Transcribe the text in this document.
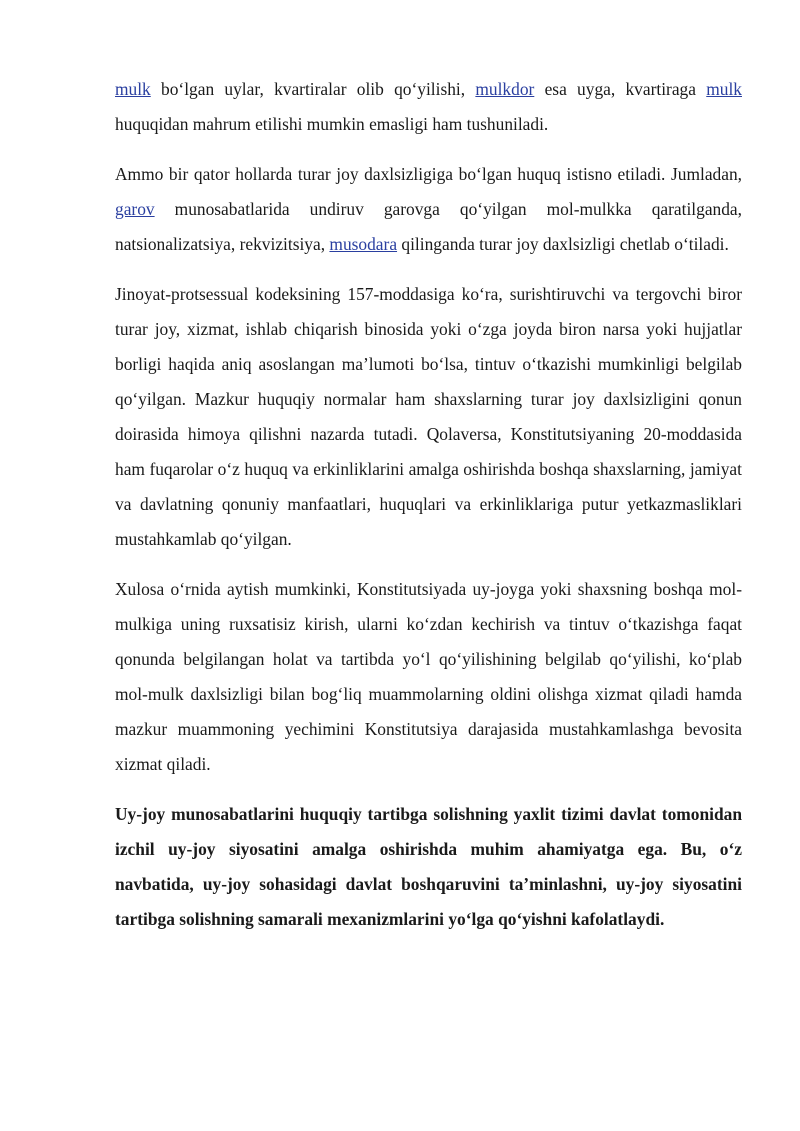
mulk bo‘lgan uylar, kvartiralar olib qo‘yilishi, mulkdor esa uyga, kvartiraga mulk huquqidan mahrum etilishi mumkin emasligi ham tushuniladi.

Ammo bir qator hollarda turar joy daxlsizligiga bo‘lgan huquq istisno etiladi. Jumladan, garov munosabatlarida undiruv garovga qo‘yilgan mol-mulkka qaratilganda, natsionalizatsiya, rekvizitsiya, musodara qilinganda turar joy daxlsizligi chetlab o‘tiladi.

Jinoyat-protsessual kodeksining 157-moddasiga ko‘ra, surishtiruvchi va tergovchi biror turar joy, xizmat, ishlab chiqarish binosida yoki o‘zga joyda biron narsa yoki hujjatlar borligi haqida aniq asoslangan ma’lumoti bo‘lsa, tintuv o‘tkazishi mumkinligi belgilab qo‘yilgan. Mazkur huquqiy normalar ham shaxslarning turar joy daxlsizligini qonun doirasida himoya qilishni nazarda tutadi. Qolaversa, Konstitutsiyaning 20-moddasida ham fuqarolar o‘z huquq va erkinliklarini amalga oshirishda boshqa shaxslarning, jamiyat va davlatning qonuniy manfaatlari, huquqlari va erkinliklariga putur yetkazmasliklari mustahkamlab qo‘yilgan.

Xulosa o‘rnida aytish mumkinki, Konstitutsiyada uy-joyga yoki shaxsning boshqa mol-mulkiga uning ruxsatisiz kirish, ularni ko‘zdan kechirish va tintuv o‘tkazishga faqat qonunda belgilangan holat va tartibda yo‘l qo‘yilishining belgilab qo‘yilishi, ko‘plab mol-mulk daxlsizligi bilan bog‘liq muammolarning oldini olishga xizmat qiladi hamda mazkur muammoning yechimini Konstitutsiya darajasida mustahkamlashga bevosita xizmat qiladi.

Uy-joy munosabatlarini huquqiy tartibga solishning yaxlit tizimi davlat tomonidan izchil uy-joy siyosatini amalga oshirishda muhim ahamiyatga ega. Bu, o‘z navbatida, uy-joy sohasidagi davlat boshqaruvini ta’minlashni, uy-joy siyosatini tartibga solishning samarali mexanizmlarini yo‘lga qo‘yishni kafolatlaydi.
